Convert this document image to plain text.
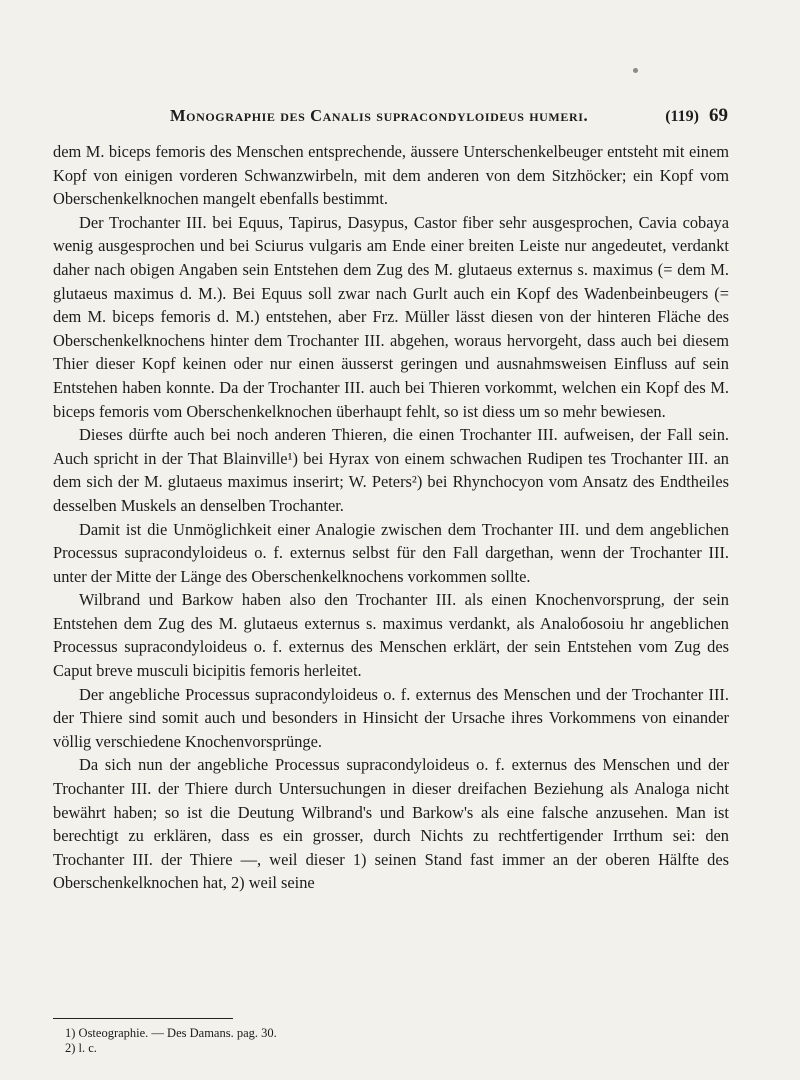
Monographie des Canalis supracondyloideus humeri.	(119) 69

dem M. biceps femoris des Menschen entsprechende, äussere Unterschenkelbeuger entsteht mit einem Kopf von einigen vorderen Schwanzwirbeln, mit dem anderen von dem Sitzhöcker; ein Kopf vom Oberschenkelknochen mangelt ebenfalls bestimmt.

Der Trochanter III. bei Equus, Tapirus, Dasypus, Castor fiber sehr ausgesprochen, Cavia cobaya wenig ausgesprochen und bei Sciurus vulgaris am Ende einer breiten Leiste nur angedeutet, verdankt daher nach obigen Angaben sein Entstehen dem Zug des M. glutaeus externus s. maximus (= dem M. glutaeus maximus d. M.). Bei Equus soll zwar nach Gurlt auch ein Kopf des Wadenbeinbeugers (= dem M. biceps femoris d. M.) entstehen, aber Frz. Müller lässt diesen von der hinteren Fläche des Oberschenkelknochens hinter dem Trochanter III. abgehen, woraus hervorgeht, dass auch bei diesem Thier dieser Kopf keinen oder nur einen äusserst geringen und ausnahmsweisen Einfluss auf sein Entstehen haben konnte. Da der Trochanter III. auch bei Thieren vorkommt, welchen ein Kopf des M. biceps femoris vom Oberschenkelknochen überhaupt fehlt, so ist diess um so mehr bewiesen.

Dieses dürfte auch bei noch anderen Thieren, die einen Trochanter III. aufweisen, der Fall sein. Auch spricht in der That Blainville¹) bei Hyrax von einem schwachen Rudipen tes Trochanter III. an dem sich der M. glutaeus maximus inserirt; W. Peters²) bei Rhynchocyon vom Ansatz des Endtheiles desselben Muskels an denselben Trochanter.

Damit ist die Unmöglichkeit einer Analogie zwischen dem Trochanter III. und dem angeblichen Processus supracondyloideus o. f. externus selbst für den Fall dargethan, wenn der Trochanter III. unter der Mitte der Länge des Oberschenkelknochens vorkommen sollte.

Wilbrand und Barkow haben also den Trochanter III. als einen Knochenvorsprung, der sein Entstehen dem Zug des M. glutaeus externus s. maximus verdankt, als Analoбоsoiu hr angeblichen Processus supracondyloideus o. f. externus des Menschen erklärt, der sein Entstehen vom Zug des Caput breve musculi bicipitis femoris herleitet.

Der angebliche Processus supracondyloideus o. f. externus des Menschen und der Trochanter III. der Thiere sind somit auch und besonders in Hinsicht der Ursache ihres Vorkommens von einander völlig verschiedene Knochenvorsprünge.

Da sich nun der angebliche Processus supracondyloideus o. f. externus des Menschen und der Trochanter III. der Thiere durch Untersuchungen in dieser dreifachen Beziehung als Analoga nicht bewährt haben; so ist die Deutung Wilbrand's und Barkow's als eine falsche anzusehen. Man ist berechtigt zu erklären, dass es ein grosser, durch Nichts zu rechtfertigender Irrthum sei: den Trochanter III. der Thiere —, weil dieser 1) seinen Stand fast immer an der oberen Hälfte des Oberschenkelknochen hat, 2) weil seine

1) Osteographie. — Des Damans. pag. 30.
2) l. c.
